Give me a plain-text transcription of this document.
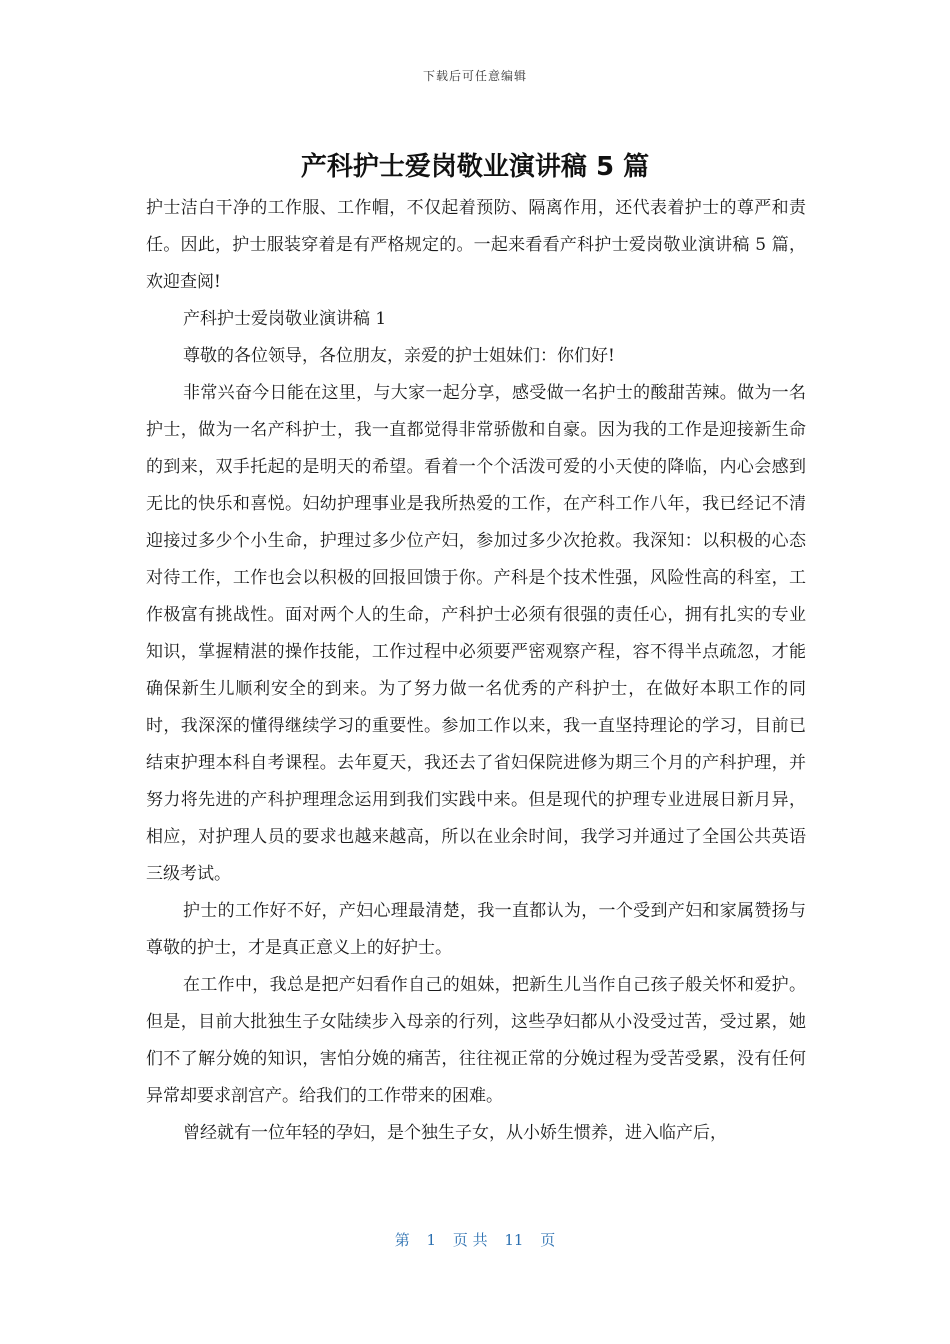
下载后可任意编辑
产科护士爱岗敬业演讲稿 5 篇

护士洁白干净的工作服、工作帽，不仅起着预防、隔离作用，还代表着护士的尊严和责任。因此，护士服装穿着是有严格规定的。一起来看看产科护士爱岗敬业演讲稿 5 篇，欢迎查阅!

产科护士爱岗敬业演讲稿 1

尊敬的各位领导，各位朋友，亲爱的护士姐妹们：你们好!

非常兴奋今日能在这里，与大家一起分享，感受做一名护士的酸甜苦辣。做为一名护士，做为一名产科护士，我一直都觉得非常骄傲和自豪。因为我的工作是迎接新生命的到来，双手托起的是明天的希望。看着一个个活泼可爱的小天使的降临，内心会感到无比的快乐和喜悦。妇幼护理事业是我所热爱的工作，在产科工作八年，我已经记不清迎接过多少个小生命，护理过多少位产妇，参加过多少次抢救。我深知：以积极的心态对待工作，工作也会以积极的回报回馈于你。产科是个技术性强，风险性高的科室，工作极富有挑战性。面对两个人的生命，产科护士必须有很强的责任心，拥有扎实的专业知识，掌握精湛的操作技能，工作过程中必须要严密观察产程，容不得半点疏忽，才能确保新生儿顺利安全的到来。为了努力做一名优秀的产科护士，在做好本职工作的同时，我深深的懂得继续学习的重要性。参加工作以来，我一直坚持理论的学习，目前已结束护理本科自考课程。去年夏天，我还去了省妇保院进修为期三个月的产科护理，并努力将先进的产科护理理念运用到我们实践中来。但是现代的护理专业进展日新月异，相应，对护理人员的要求也越来越高，所以在业余时间，我学习并通过了全国公共英语三级考试。

护士的工作好不好，产妇心理最清楚，我一直都认为，一个受到产妇和家属赞扬与尊敬的护士，才是真正意义上的好护士。

在工作中，我总是把产妇看作自己的姐妹，把新生儿当作自己孩子般关怀和爱护。但是，目前大批独生子女陆续步入母亲的行列，这些孕妇都从小没受过苦，受过累，她们不了解分娩的知识，害怕分娩的痛苦，往往视正常的分娩过程为受苦受累，没有任何异常却要求剖宫产。给我们的工作带来的困难。

曾经就有一位年轻的孕妇，是个独生子女，从小娇生惯养，进入临产后，

第 1 页 共 11 页
